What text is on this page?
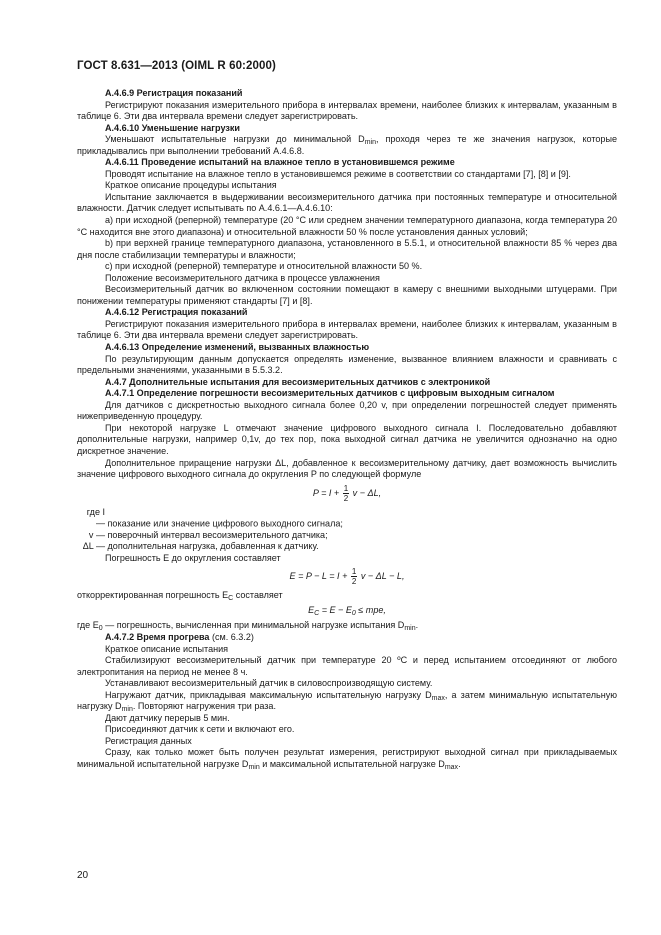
ГОСТ 8.631—2013 (OIML R 60:2000)

А.4.6.9 Регистрация показаний

Регистрируют показания измерительного прибора в интервалах времени, наиболее близких к интервалам, указанным в таблице 6. Эти два интервала времени следует зарегистрировать.

А.4.6.10 Уменьшение нагрузки

Уменьшают испытательные нагрузки до минимальной $D_{min}$, проходя через те же значения нагрузок, которые прикладывались при выполнении требований А.4.6.8.

А.4.6.11 Проведение испытаний на влажное тепло в установившемся режиме

Проводят испытание на влажное тепло в установившемся режиме в соответствии со стандартами [7], [8] и [9].

Краткое описание процедуры испытания

Испытание заключается в выдерживании весоизмерительного датчика при постоянных температуре и относительной влажности. Датчик следует испытывать по А.4.6.1—А.4.6.10:

а) при исходной (реперной) температуре (20 °С или среднем значении температурного диапазона, когда температура 20 °С находится вне этого диапазона) и относительной влажности 50 % после установления данных условий;

b) при верхней границе температурного диапазона, установленного в 5.5.1, и относительной влажности 85 % через два дня после стабилизации температуры и влажности;

с) при исходной (реперной) температуре и относительной влажности 50 %.

Положение весоизмерительного датчика в процессе увлажнения

Весоизмерительный датчик во включенном состоянии помещают в камеру с внешними выходными штуцерами. При понижении температуры применяют стандарты [7] и [8].

А.4.6.12 Регистрация показаний

Регистрируют показания измерительного прибора в интервалах времени, наиболее близких к интервалам, указанным в таблице 6. Эти два интервала времени следует зарегистрировать.

А.4.6.13 Определение изменений, вызванных влажностью

По результирующим данным допускается определять изменение, вызванное влиянием влажности и сравнивать с предельными значениями, указанными в 5.5.3.2.

А.4.7 Дополнительные испытания для весоизмерительных датчиков с электроникой

А.4.7.1 Определение погрешности весоизмерительных датчиков с цифровым выходным сигналом

Для датчиков с дискретностью выходного сигнала более 0,20 v, при определении погрешностей следует применять нижеприведенную процедуру.

При некоторой нагрузке L отмечают значение цифрового выходного сигнала I. Последовательно добавляют дополнительные нагрузки, например 0,1v, до тех пор, пока выходной сигнал датчика не увеличится однозначно на одно дискретное значение.

Дополнительное приращение нагрузки ΔL, добавленное к весоизмерительному датчику, дает возможность вычислить значение цифрового выходного сигнала до округления P по следующей формуле

$P = I + \frac{1}{2}$ v − ΔL,

где I — показание или значение цифрового выходного сигнала;

v — поверочный интервал весоизмерительного датчика;

ΔL — дополнительная нагрузка, добавленная к датчику.

Погрешность E до округления составляет

$E = P - L = I + \frac{1}{2}$ v − ΔL − L,

откорректированная погрешность $E_C$ составляет

$E_C = E - E_0$ ≤ mpe,

где $E_0$ — погрешность, вычисленная при минимальной нагрузке испытания $D_{min}$.

А.4.7.2 Время прогрева (см. 6.3.2)

Краткое описание испытания

Стабилизируют весоизмерительный датчик при температуре 20 ºС и перед испытанием отсоединяют от любого электропитания на период не менее 8 ч.

Устанавливают весоизмерительный датчик в силовоспроизводящую систему.

Нагружают датчик, прикладывая максимальную испытательную нагрузку $D_{max}$, а затем минимальную испытательную нагрузку $D_{min}$. Повторяют нагружения три раза.

Дают датчику перерыв 5 мин.

Присоединяют датчик к сети и включают его.

Регистрация данных

Сразу, как только может быть получен результат измерения, регистрируют выходной сигнал при прикладываемых минимальной испытательной нагрузке $D_{min}$ и максимальной испытательной нагрузке $D_{max}$.

20
